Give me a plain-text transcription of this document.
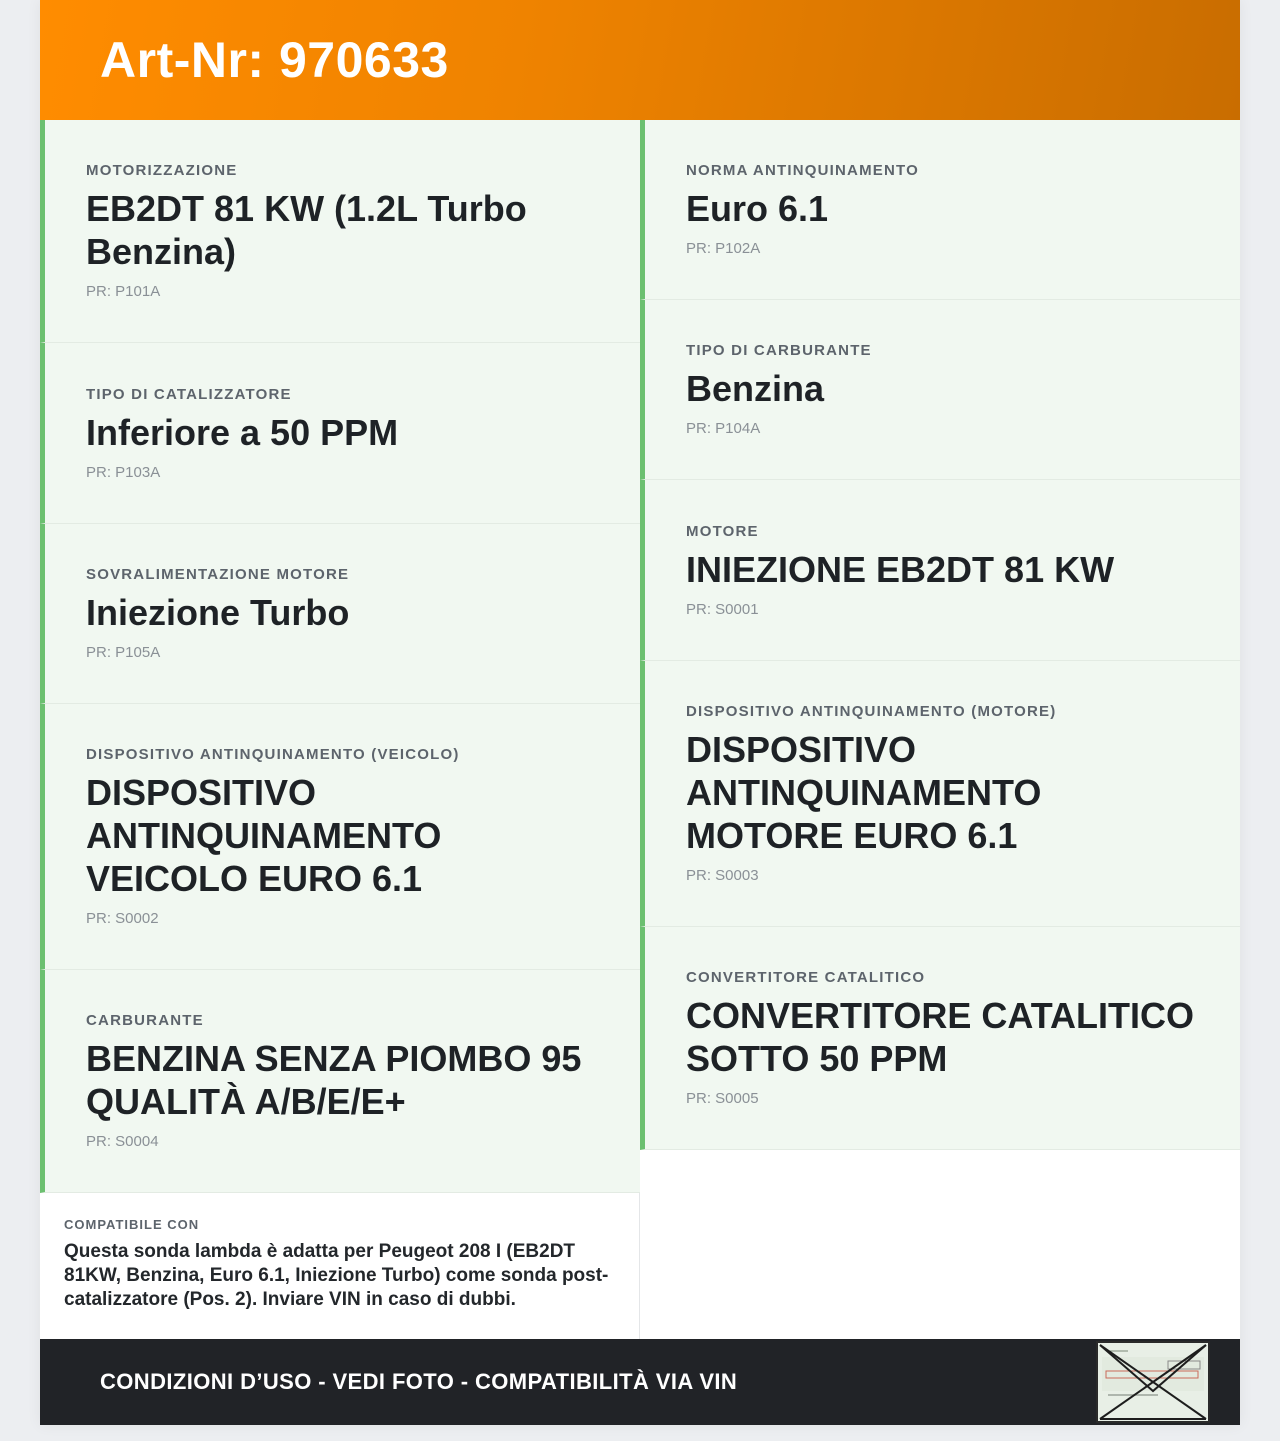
Art-Nr: 970633
MOTORIZZAZIONE
EB2DT 81 KW (1.2L Turbo Benzina)
PR: P101A
TIPO DI CATALIZZATORE
Inferiore a 50 PPM
PR: P103A
SOVRALIMENTAZIONE MOTORE
Iniezione Turbo
PR: P105A
DISPOSITIVO ANTINQUINAMENTO (VEICOLO)
DISPOSITIVO ANTINQUINAMENTO VEICOLO EURO 6.1
PR: S0002
CARBURANTE
BENZINA SENZA PIOMBO 95 QUALITÀ A/B/E/E+
PR: S0004
NORMA ANTINQUINAMENTO
Euro 6.1
PR: P102A
TIPO DI CARBURANTE
Benzina
PR: P104A
MOTORE
INIEZIONE EB2DT 81 KW
PR: S0001
DISPOSITIVO ANTINQUINAMENTO (MOTORE)
DISPOSITIVO ANTINQUINAMENTO MOTORE EURO 6.1
PR: S0003
CONVERTITORE CATALITICO
CONVERTITORE CATALITICO SOTTO 50 PPM
PR: S0005
COMPATIBILE CON
Questa sonda lambda è adatta per Peugeot 208 I (EB2DT 81KW, Benzina, Euro 6.1, Iniezione Turbo) come sonda post-catalizzatore (Pos. 2). Inviare VIN in caso di dubbi.
CONDIZIONI D’USO - VEDI FOTO - COMPATIBILITÀ VIA VIN
